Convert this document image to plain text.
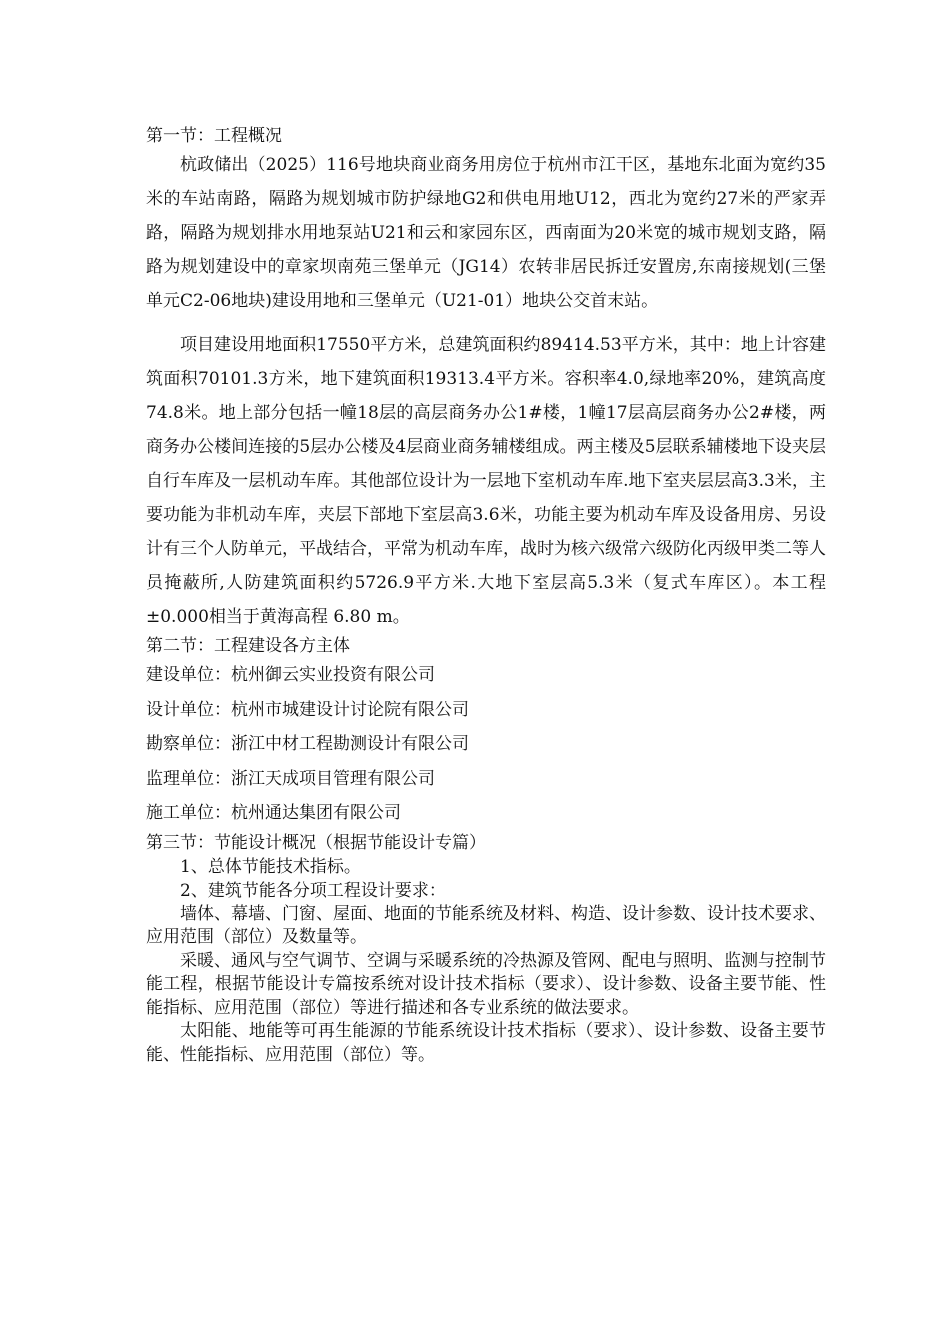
第一节：工程概况

杭政储出（2025）116号地块商业商务用房位于杭州市江干区，基地东北面为宽约35米的车站南路，隔路为规划城市防护绿地G2和供电用地U12，西北为宽约27米的严家弄路，隔路为规划排水用地泵站U21和云和家园东区，西南面为20米宽的城市规划支路，隔路为规划建设中的章家坝南苑三堡单元（JG14）农转非居民拆迁安置房,东南接规划(三堡单元C2-06地块)建设用地和三堡单元（U21-01）地块公交首末站。

项目建设用地面积17550平方米，总建筑面积约89414.53平方米，其中：地上计容建筑面积70101.3方米，地下建筑面积19313.4平方米。容积率4.0,绿地率20%，建筑高度74.8米。地上部分包括一幢18层的高层商务办公1#楼，1幢17层高层商务办公2#楼，两商务办公楼间连接的5层办公楼及4层商业商务辅楼组成。两主楼及5层联系辅楼地下设夹层自行车库及一层机动车库。其他部位设计为一层地下室机动车库.地下室夹层层高3.3米，主要功能为非机动车库，夹层下部地下室层高3.6米，功能主要为机动车库及设备用房、另设计有三个人防单元，平战结合，平常为机动车库，战时为核六级常六级防化丙级甲类二等人员掩蔽所,人防建筑面积约5726.9平方米.大地下室层高5.3米（复式车库区）。本工程±0.000相当于黄海高程 6.80 m。

第二节：工程建设各方主体
建设单位：杭州御云实业投资有限公司
设计单位：杭州市城建设计讨论院有限公司
勘察单位：浙江中材工程勘测设计有限公司
监理单位：浙江天成项目管理有限公司
施工单位：杭州通达集团有限公司
第三节：节能设计概况（根据节能设计专篇）
1、总体节能技术指标。
2、建筑节能各分项工程设计要求：

墙体、幕墙、门窗、屋面、地面的节能系统及材料、构造、设计参数、设计技术要求、应用范围（部位）及数量等。

采暖、通风与空气调节、空调与采暖系统的冷热源及管网、配电与照明、监测与控制节能工程，根据节能设计专篇按系统对设计技术指标（要求）、设计参数、设备主要节能、性能指标、应用范围（部位）等进行描述和各专业系统的做法要求。

太阳能、地能等可再生能源的节能系统设计技术指标（要求）、设计参数、设备主要节能、性能指标、应用范围（部位）等。
